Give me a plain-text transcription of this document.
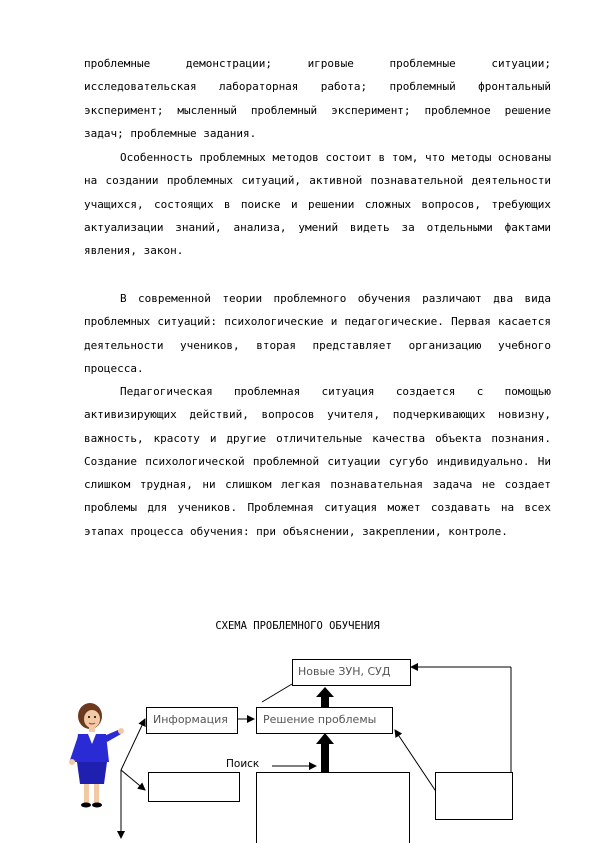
проблемные демонстрации; игровые проблемные ситуации; исследовательская лабораторная работа; проблемный фронтальный эксперимент; мысленный проблемный эксперимент; проблемное решение задач; проблемные задания.

Особенность проблемных методов состоит в том, что методы основаны на создании проблемных ситуаций, активной познавательной деятельности учащихся, состоящих в поиске и решении сложных вопросов, требующих актуализации знаний, анализа, умений видеть за отдельными фактами явления, закон.

В современной теории проблемного обучения различают два вида проблемных ситуаций: психологические и педагогические. Первая касается деятельности учеников, вторая представляет организацию учебного процесса.

Педагогическая проблемная ситуация создается с помощью активизирующих действий, вопросов учителя, подчеркивающих новизну, важность, красоту и другие отличительные качества объекта познания. Создание психологической проблемной ситуации сугубо индивидуально. Ни слишком трудная, ни слишком легкая познавательная задача не создает проблемы для учеников. Проблемная ситуация может создавать на всех этапах процесса обучения: при объяснении, закреплении, контроле.

СХЕМА ПРОБЛЕМНОГО ОБУЧЕНИЯ
Новые ЗУН, СУД
Информация	Решение проблемы
Поиск
